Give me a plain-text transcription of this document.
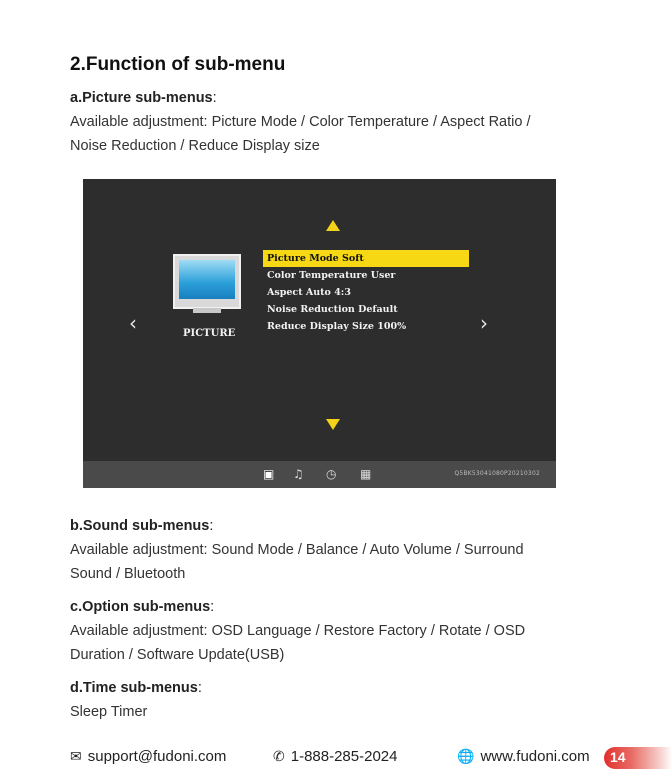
2.Function of sub-menu
a.Picture sub-menus:
Available adjustment: Picture Mode / Color Temperature / Aspect Ratio /
Noise Reduction / Reduce Display size
‹	PICTURE
Picture Mode Soft
Color Temperature User
Aspect Auto 4:3
Noise Reduction Default
Reduce Display Size 100%	›
▣ ♫ ◷ ▦	Q5BK53041080P20210302
b.Sound sub-menus:
Available adjustment: Sound Mode / Balance / Auto Volume / Surround
Sound / Bluetooth
c.Option sub-menus:
Available adjustment: OSD Language / Restore Factory / Rotate / OSD
Duration / Software Update(USB)
d.Time sub-menus:
Sleep Timer
✉ support@fudoni.com	✆ 1-888-285-2024	🌐 www.fudoni.com 14
